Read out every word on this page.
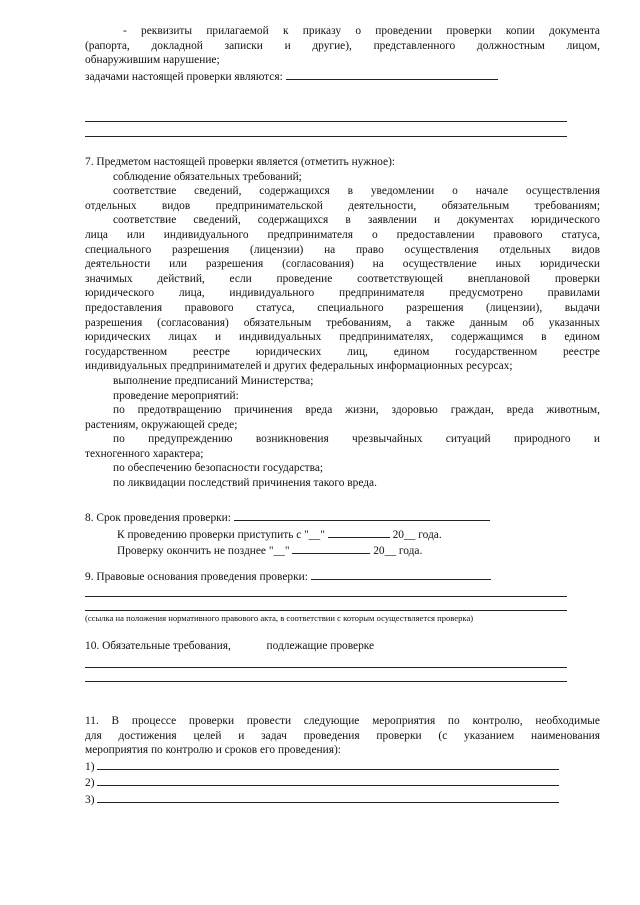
- реквизиты прилагаемой к приказу о проведении проверки копии документа

(рапорта, докладной записки и другие), представленного должностным лицом,

обнаружившим нарушение;

задачами настоящей проверки являются:

7. Предметом настоящей проверки является (отметить нужное):

соблюдение обязательных требований;

соответствие сведений, содержащихся в уведомлении о начале осуществления

отдельных видов предпринимательской деятельности, обязательным требованиям;

соответствие сведений, содержащихся в заявлении и документах юридического

лица или индивидуального предпринимателя о предоставлении правового статуса,

специального разрешения (лицензии) на право осуществления отдельных видов

деятельности или разрешения (согласования) на осуществление иных юридически

значимых действий, если проведение соответствующей внеплановой проверки

юридического лица, индивидуального предпринимателя предусмотрено правилами

предоставления правового статуса, специального разрешения (лицензии), выдачи

разрешения (согласования) обязательным требованиям, а также данным об указанных

юридических лицах и индивидуальных предпринимателях, содержащимся в едином

государственном реестре юридических лиц, едином государственном реестре

индивидуальных предпринимателей и других федеральных информационных ресурсах;

выполнение предписаний Министерства;

проведение мероприятий:

по предотвращению причинения вреда жизни, здоровью граждан, вреда животным,

растениям, окружающей среде;

по предупреждению возникновения чрезвычайных ситуаций природного и

техногенного характера;

по обеспечению безопасности государства;

по ликвидации последствий причинения такого вреда.

8. Срок проведения проверки:

К проведению проверки приступить с "__"	20__ года.

Проверку окончить не позднее "__"	20__ года.

9. Правовые основания проведения проверки:

(ссылка на положения нормативного правового акта, в соответствии с которым осуществляется проверка)

10. Обязательные требования,	подлежащие проверке

11. В процессе проверки провести следующие мероприятия по контролю, необходимые

для достижения целей и задач проведения проверки (с указанием наименования

мероприятия по контролю и сроков его проведения):

1)

2)

3)
